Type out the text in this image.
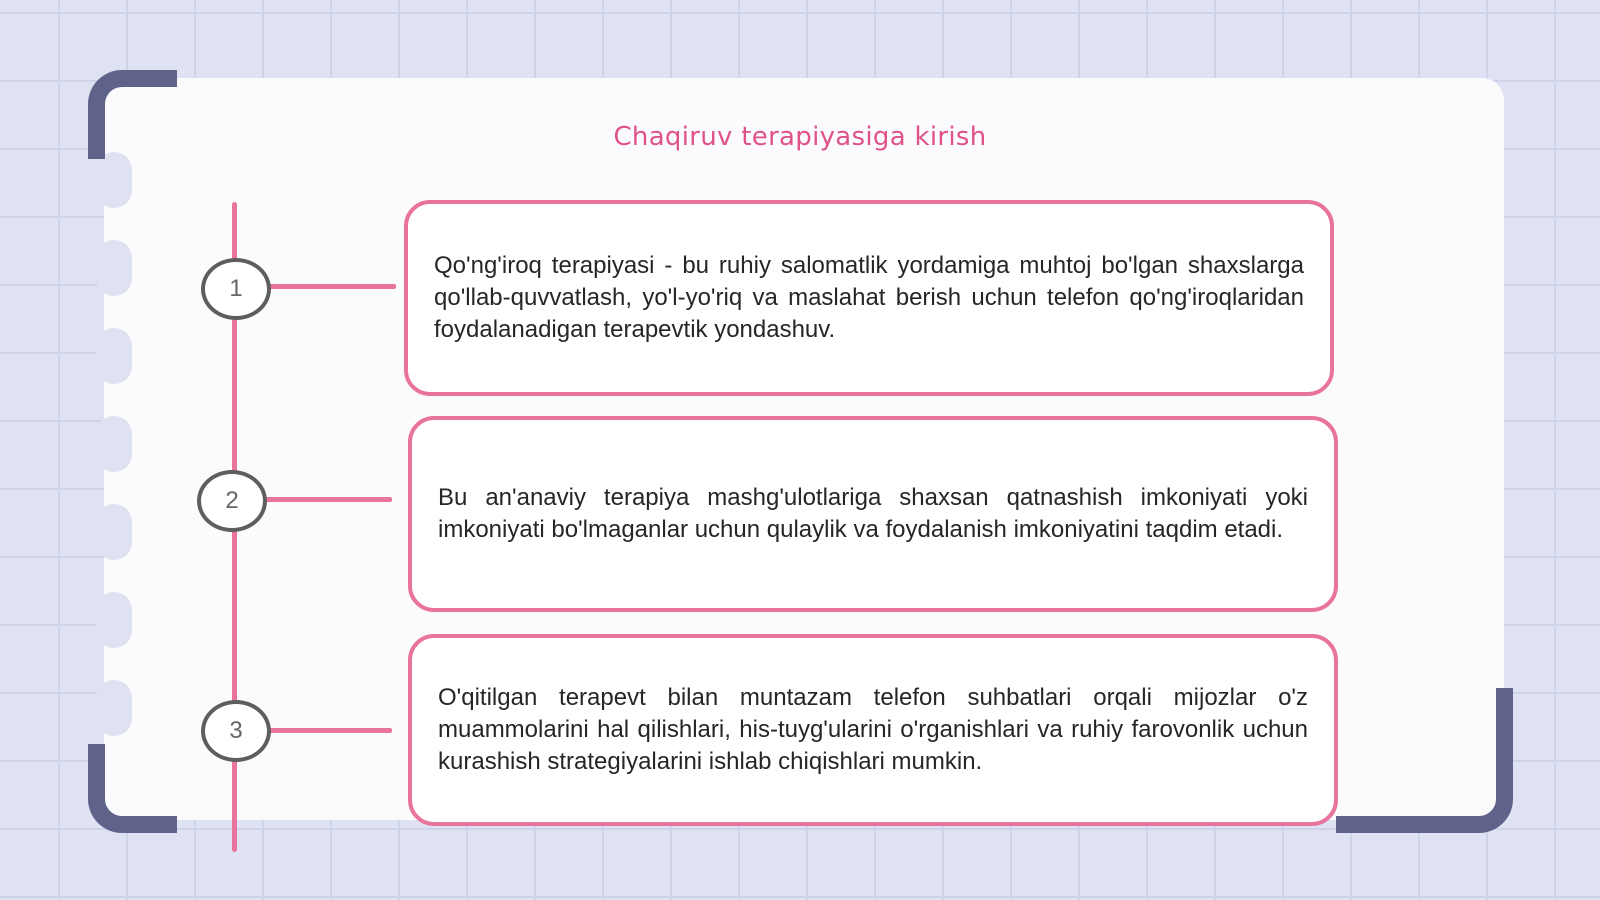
Chaqiruv terapiyasiga kirish
1
2
3

Qo'ng'iroq terapiyasi - bu ruhiy salomatlik yordamiga muhtoj bo'lgan shaxslarga qo'llab-quvvatlash, yo'l-yo'riq va maslahat berish uchun telefon qo'ng'iroqlaridan foydalanadigan terapevtik yondashuv.

Bu an'anaviy terapiya mashg'ulotlariga shaxsan qatnashish imkoniyati yoki imkoniyati bo'lmaganlar uchun qulaylik va foydalanish imkoniyatini taqdim etadi.

O'qitilgan terapevt bilan muntazam telefon suhbatlari orqali mijozlar o'z muammolarini hal qilishlari, his-tuyg'ularini o'rganishlari va ruhiy farovonlik uchun kurashish strategiyalarini ishlab chiqishlari mumkin.
